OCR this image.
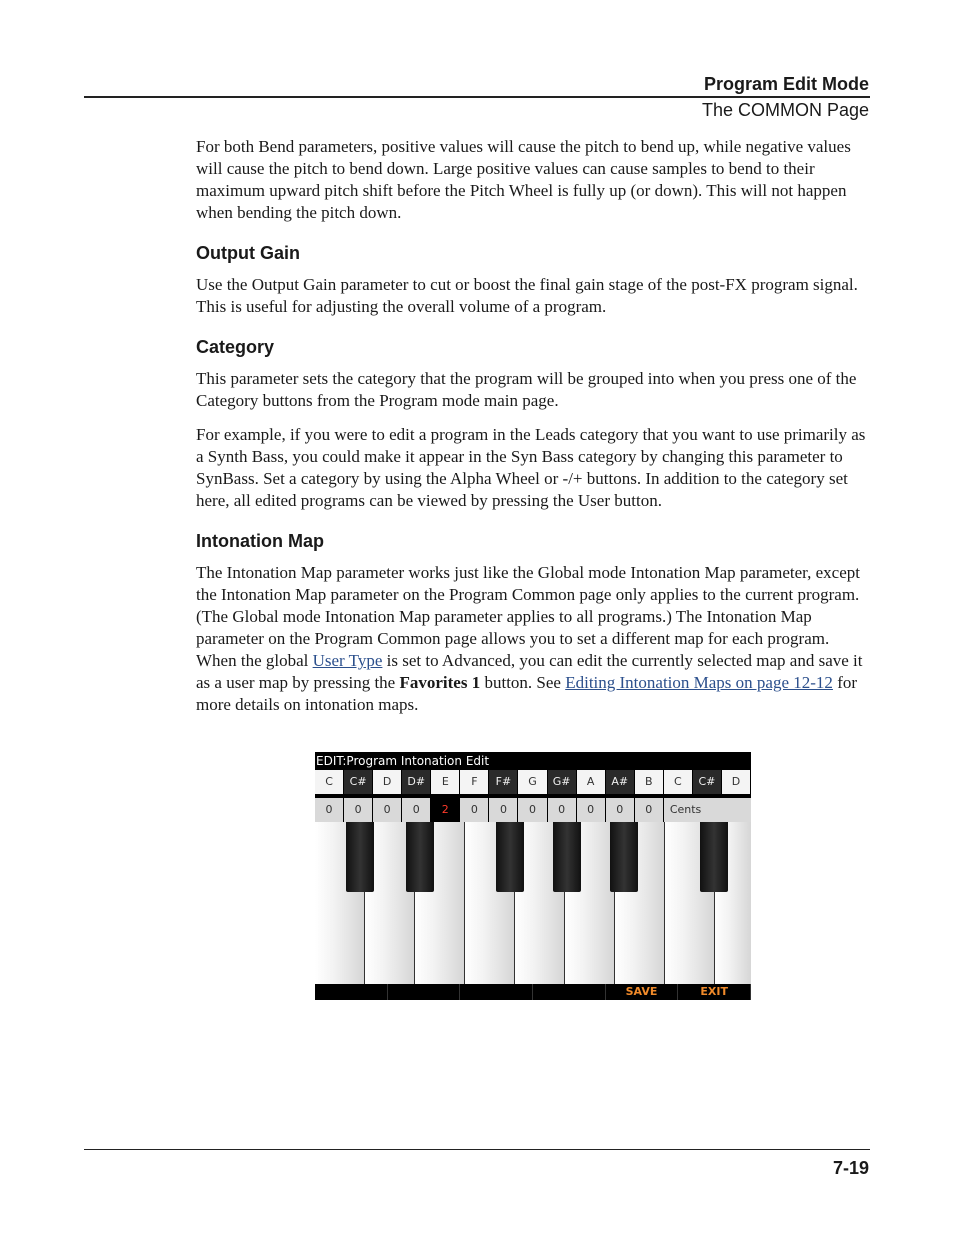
Program Edit Mode
The COMMON Page

For both Bend parameters, positive values will cause the pitch to bend up, while negative values will cause the pitch to bend down. Large positive values can cause samples to bend to their maximum upward pitch shift before the Pitch Wheel is fully up (or down). This will not happen when bending the pitch down.

Output Gain

Use the Output Gain parameter to cut or boost the final gain stage of the post-FX program signal. This is useful for adjusting the overall volume of a program.

Category

This parameter sets the category that the program will be grouped into when you press one of the Category buttons from the Program mode main page.

For example, if you were to edit a program in the Leads category that you want to use primarily as a Synth Bass, you could make it appear in the Syn Bass category by changing this parameter to SynBass. Set a category by using the Alpha Wheel or -/+ buttons. In addition to the category set here, all edited programs can be viewed by pressing the User button.

Intonation Map

The Intonation Map parameter works just like the Global mode Intonation Map parameter, except the Intonation Map parameter on the Program Common page only applies to the current program. (The Global mode Intonation Map parameter applies to all programs.) The Intonation Map parameter on the Program Common page allows you to set a different map for each program. When the global User Type is set to Advanced, you can edit the currently selected map and save it as a user map by pressing the Favorites 1 button. See Editing Intonation Maps on page 12-12 for more details on intonation maps.

EDIT:Program Intonation Edit
C	C#	D	D#	E	F	F#	G	G#	A	A#	B	C	C#	D
0	0	0	0	2	0	0	0	0	0	0	0	Cents
SAVE	EXIT
7-19
